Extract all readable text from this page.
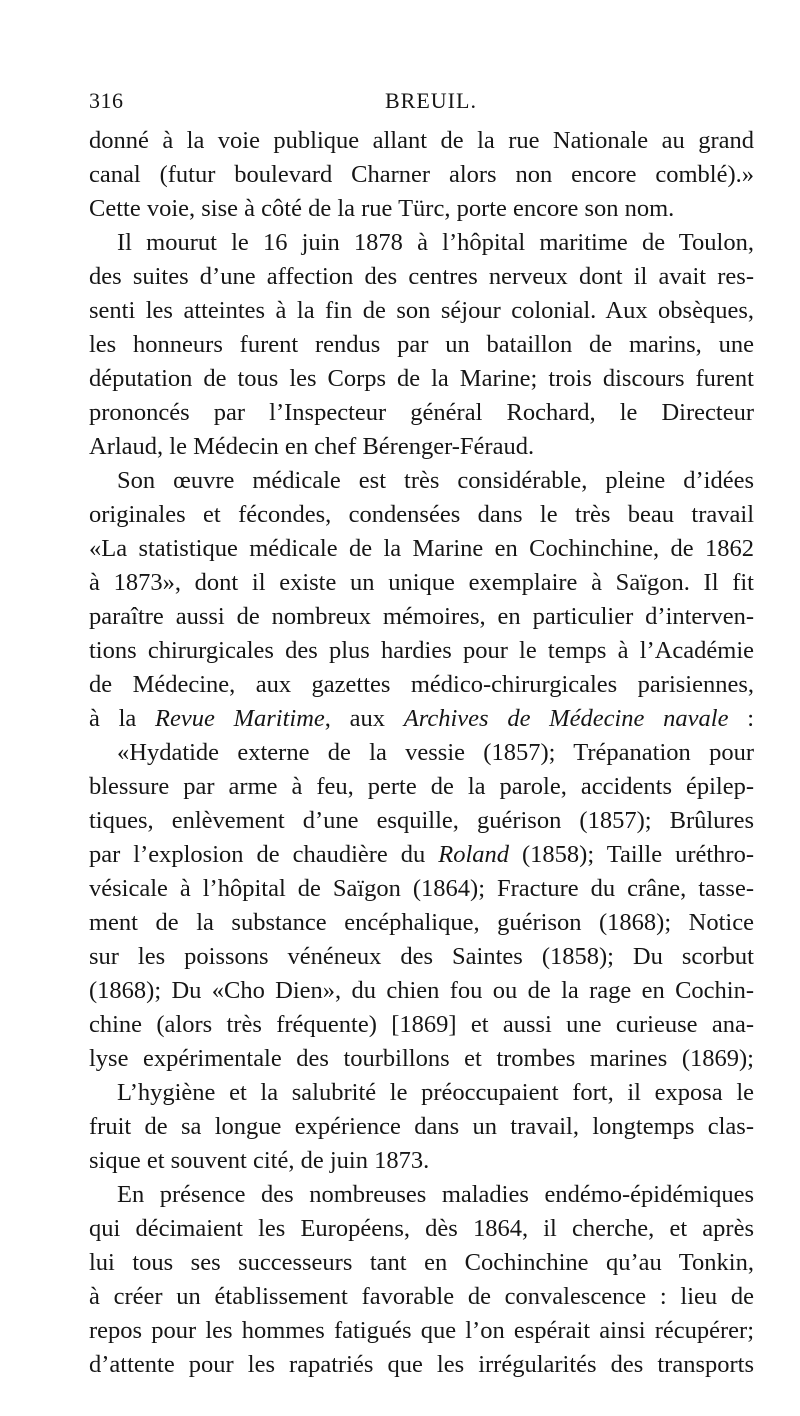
316	BREUIL.
donné à la voie publique allant de la rue Nationale au grand
canal (futur boulevard Charner alors non encore comblé).»
Cette voie, sise à côté de la rue Türc, porte encore son nom.
Il mourut le 16 juin 1878 à l’hôpital maritime de Toulon,
des suites d’une affection des centres nerveux dont il avait res-
senti les atteintes à la fin de son séjour colonial. Aux obsèques,
les honneurs furent rendus par un bataillon de marins, une
députation de tous les Corps de la Marine; trois discours furent
prononcés par l’Inspecteur général Rochard, le Directeur
Arlaud, le Médecin en chef Bérenger-Féraud.
Son œuvre médicale est très considérable, pleine d’idées
originales et fécondes, condensées dans le très beau travail
«La statistique médicale de la Marine en Cochinchine, de 1862
à 1873», dont il existe un unique exemplaire à Saïgon. Il fit
paraître aussi de nombreux mémoires, en particulier d’interven-
tions chirurgicales des plus hardies pour le temps à l’Académie
de Médecine, aux gazettes médico-chirurgicales parisiennes,
à la Revue Maritime, aux Archives de Médecine navale :
«Hydatide externe de la vessie (1857); Trépanation pour
blessure par arme à feu, perte de la parole, accidents épilep-
tiques, enlèvement d’une esquille, guérison (1857); Brûlures
par l’explosion de chaudière du Roland (1858); Taille uréthro-
vésicale à l’hôpital de Saïgon (1864); Fracture du crâne, tasse-
ment de la substance encéphalique, guérison (1868); Notice
sur les poissons vénéneux des Saintes (1858); Du scorbut
(1868); Du «Cho Dien», du chien fou ou de la rage en Cochin-
chine (alors très fréquente) [1869] et aussi une curieuse ana-
lyse expérimentale des tourbillons et trombes marines (1869);
L’hygiène et la salubrité le préoccupaient fort, il exposa le
fruit de sa longue expérience dans un travail, longtemps clas-
sique et souvent cité, de juin 1873.
En présence des nombreuses maladies endémo-épidémiques
qui décimaient les Européens, dès 1864, il cherche, et après
lui tous ses successeurs tant en Cochinchine qu’au Tonkin,
à créer un établissement favorable de convalescence : lieu de
repos pour les hommes fatigués que l’on espérait ainsi récupérer;
d’attente pour les rapatriés que les irrégularités des transports
